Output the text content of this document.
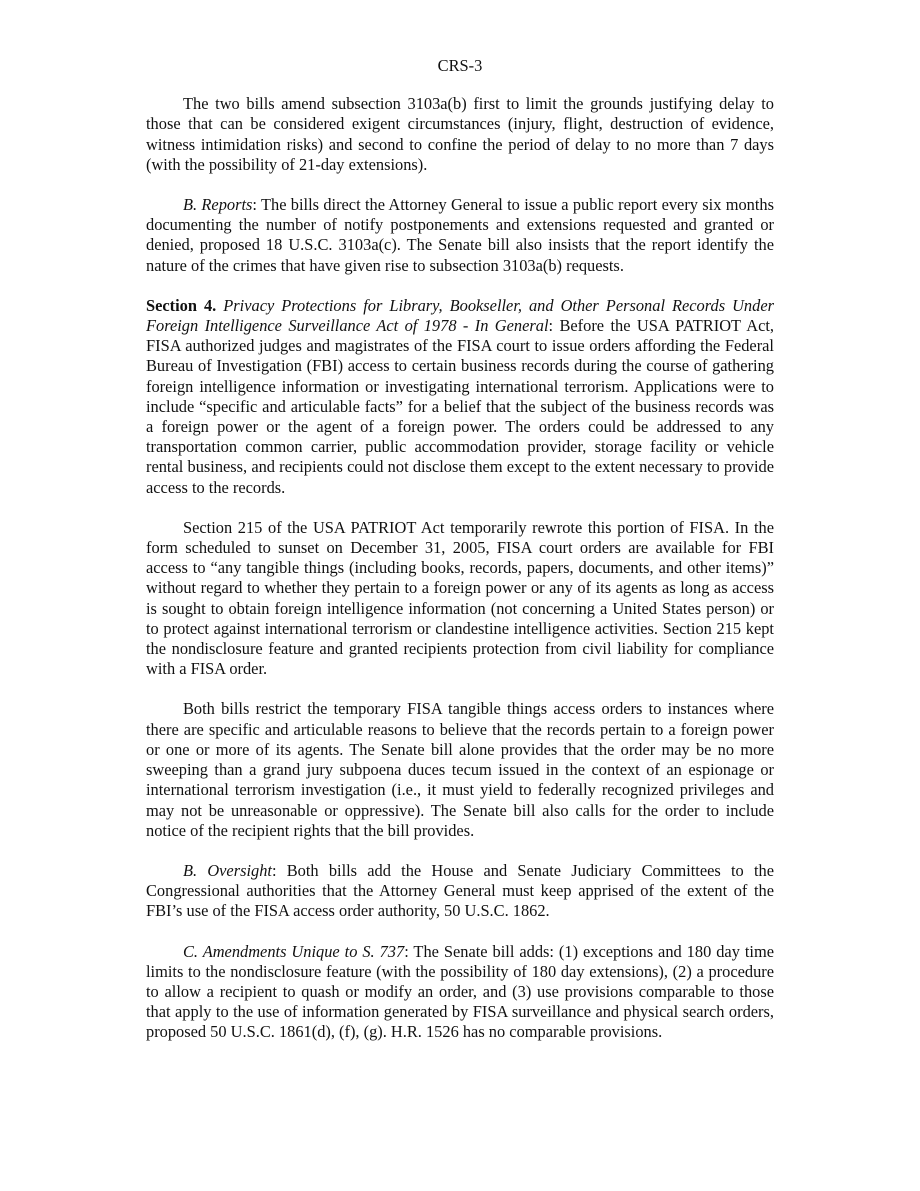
CRS-3

The two bills amend subsection 3103a(b) first to limit the grounds justifying delay to those that can be considered exigent circumstances (injury, flight, destruction of evidence, witness intimidation risks) and second to confine the period of delay to no more than 7 days (with the possibility of 21-day extensions).

B. Reports: The bills direct the Attorney General to issue a public report every six months documenting the number of notify postponements and extensions requested and granted or denied, proposed 18 U.S.C. 3103a(c). The Senate bill also insists that the report identify the nature of the crimes that have given rise to subsection 3103a(b) requests.

Section 4. Privacy Protections for Library, Bookseller, and Other Personal Records Under Foreign Intelligence Surveillance Act of 1978 - In General: Before the USA PATRIOT Act, FISA authorized judges and magistrates of the FISA court to issue orders affording the Federal Bureau of Investigation (FBI) access to certain business records during the course of gathering foreign intelligence information or investigating international terrorism. Applications were to include “specific and articulable facts” for a belief that the subject of the business records was a foreign power or the agent of a foreign power. The orders could be addressed to any transportation common carrier, public accommodation provider, storage facility or vehicle rental business, and recipients could not disclose them except to the extent necessary to provide access to the records.

Section 215 of the USA PATRIOT Act temporarily rewrote this portion of FISA. In the form scheduled to sunset on December 31, 2005, FISA court orders are available for FBI access to “any tangible things (including books, records, papers, documents, and other items)” without regard to whether they pertain to a foreign power or any of its agents as long as access is sought to obtain foreign intelligence information (not concerning a United States person) or to protect against international terrorism or clandestine intelligence activities. Section 215 kept the nondisclosure feature and granted recipients protection from civil liability for compliance with a FISA order.

Both bills restrict the temporary FISA tangible things access orders to instances where there are specific and articulable reasons to believe that the records pertain to a foreign power or one or more of its agents. The Senate bill alone provides that the order may be no more sweeping than a grand jury subpoena duces tecum issued in the context of an espionage or international terrorism investigation (i.e., it must yield to federally recognized privileges and may not be unreasonable or oppressive). The Senate bill also calls for the order to include notice of the recipient rights that the bill provides.

B. Oversight: Both bills add the House and Senate Judiciary Committees to the Congressional authorities that the Attorney General must keep apprised of the extent of the FBI’s use of the FISA access order authority, 50 U.S.C. 1862.

C. Amendments Unique to S. 737: The Senate bill adds: (1) exceptions and 180 day time limits to the nondisclosure feature (with the possibility of 180 day extensions), (2) a procedure to allow a recipient to quash or modify an order, and (3) use provisions comparable to those that apply to the use of information generated by FISA surveillance and physical search orders, proposed 50 U.S.C. 1861(d), (f), (g). H.R. 1526 has no comparable provisions.
